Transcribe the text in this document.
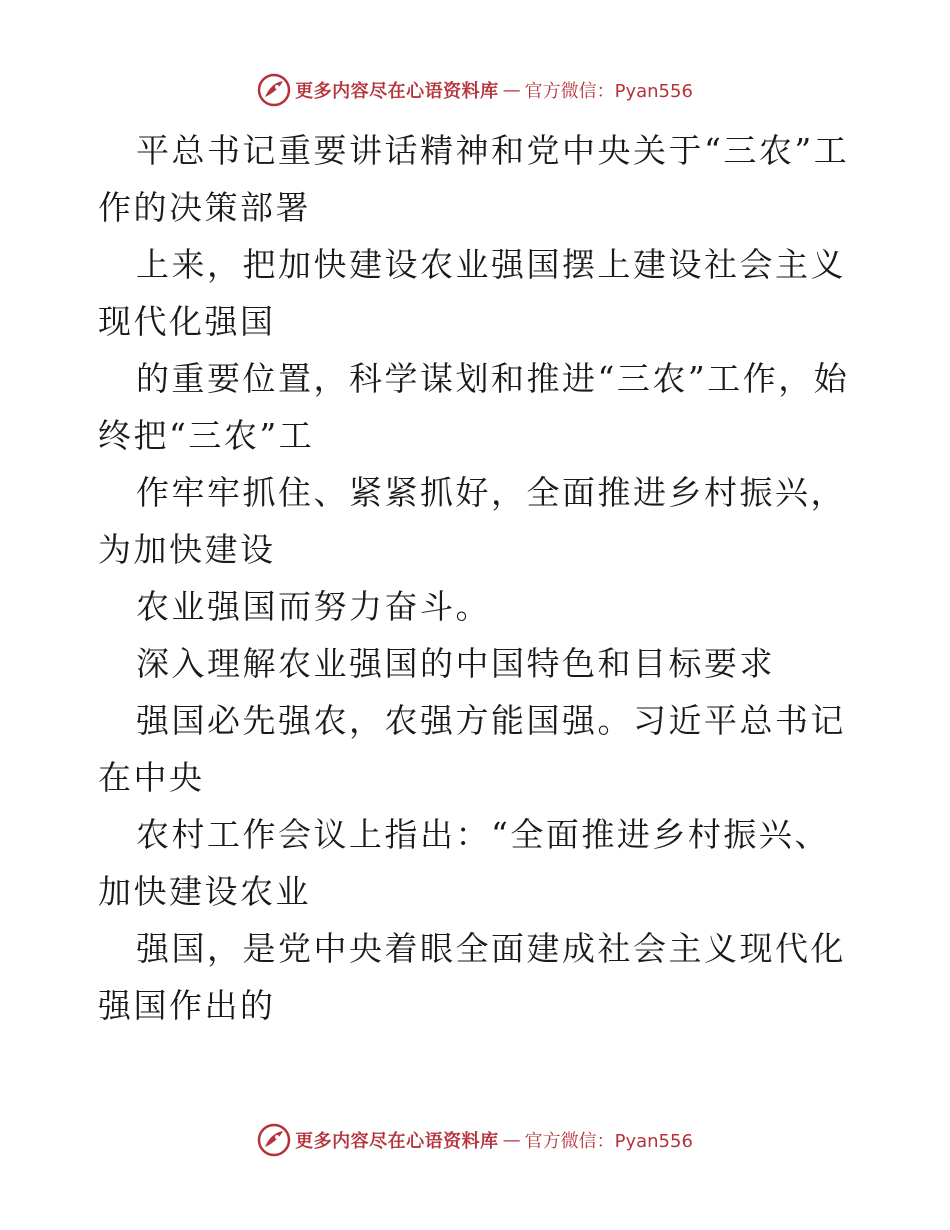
更多内容尽在心语资料库 — 官方微信：Pyan556

平总书记重要讲话精神和党中央关于“三农”工作的决策部署

上来，把加快建设农业强国摆上建设社会主义现代化强国

的重要位置，科学谋划和推进“三农”工作，始终把“三农”工

作牢牢抓住、紧紧抓好，全面推进乡村振兴，为加快建设

农业强国而努力奋斗。

深入理解农业强国的中国特色和目标要求

强国必先强农，农强方能国强。习近平总书记在中央

农村工作会议上指出：“全面推进乡村振兴、加快建设农业

强国，是党中央着眼全面建成社会主义现代化强国作出的

更多内容尽在心语资料库 — 官方微信：Pyan556
